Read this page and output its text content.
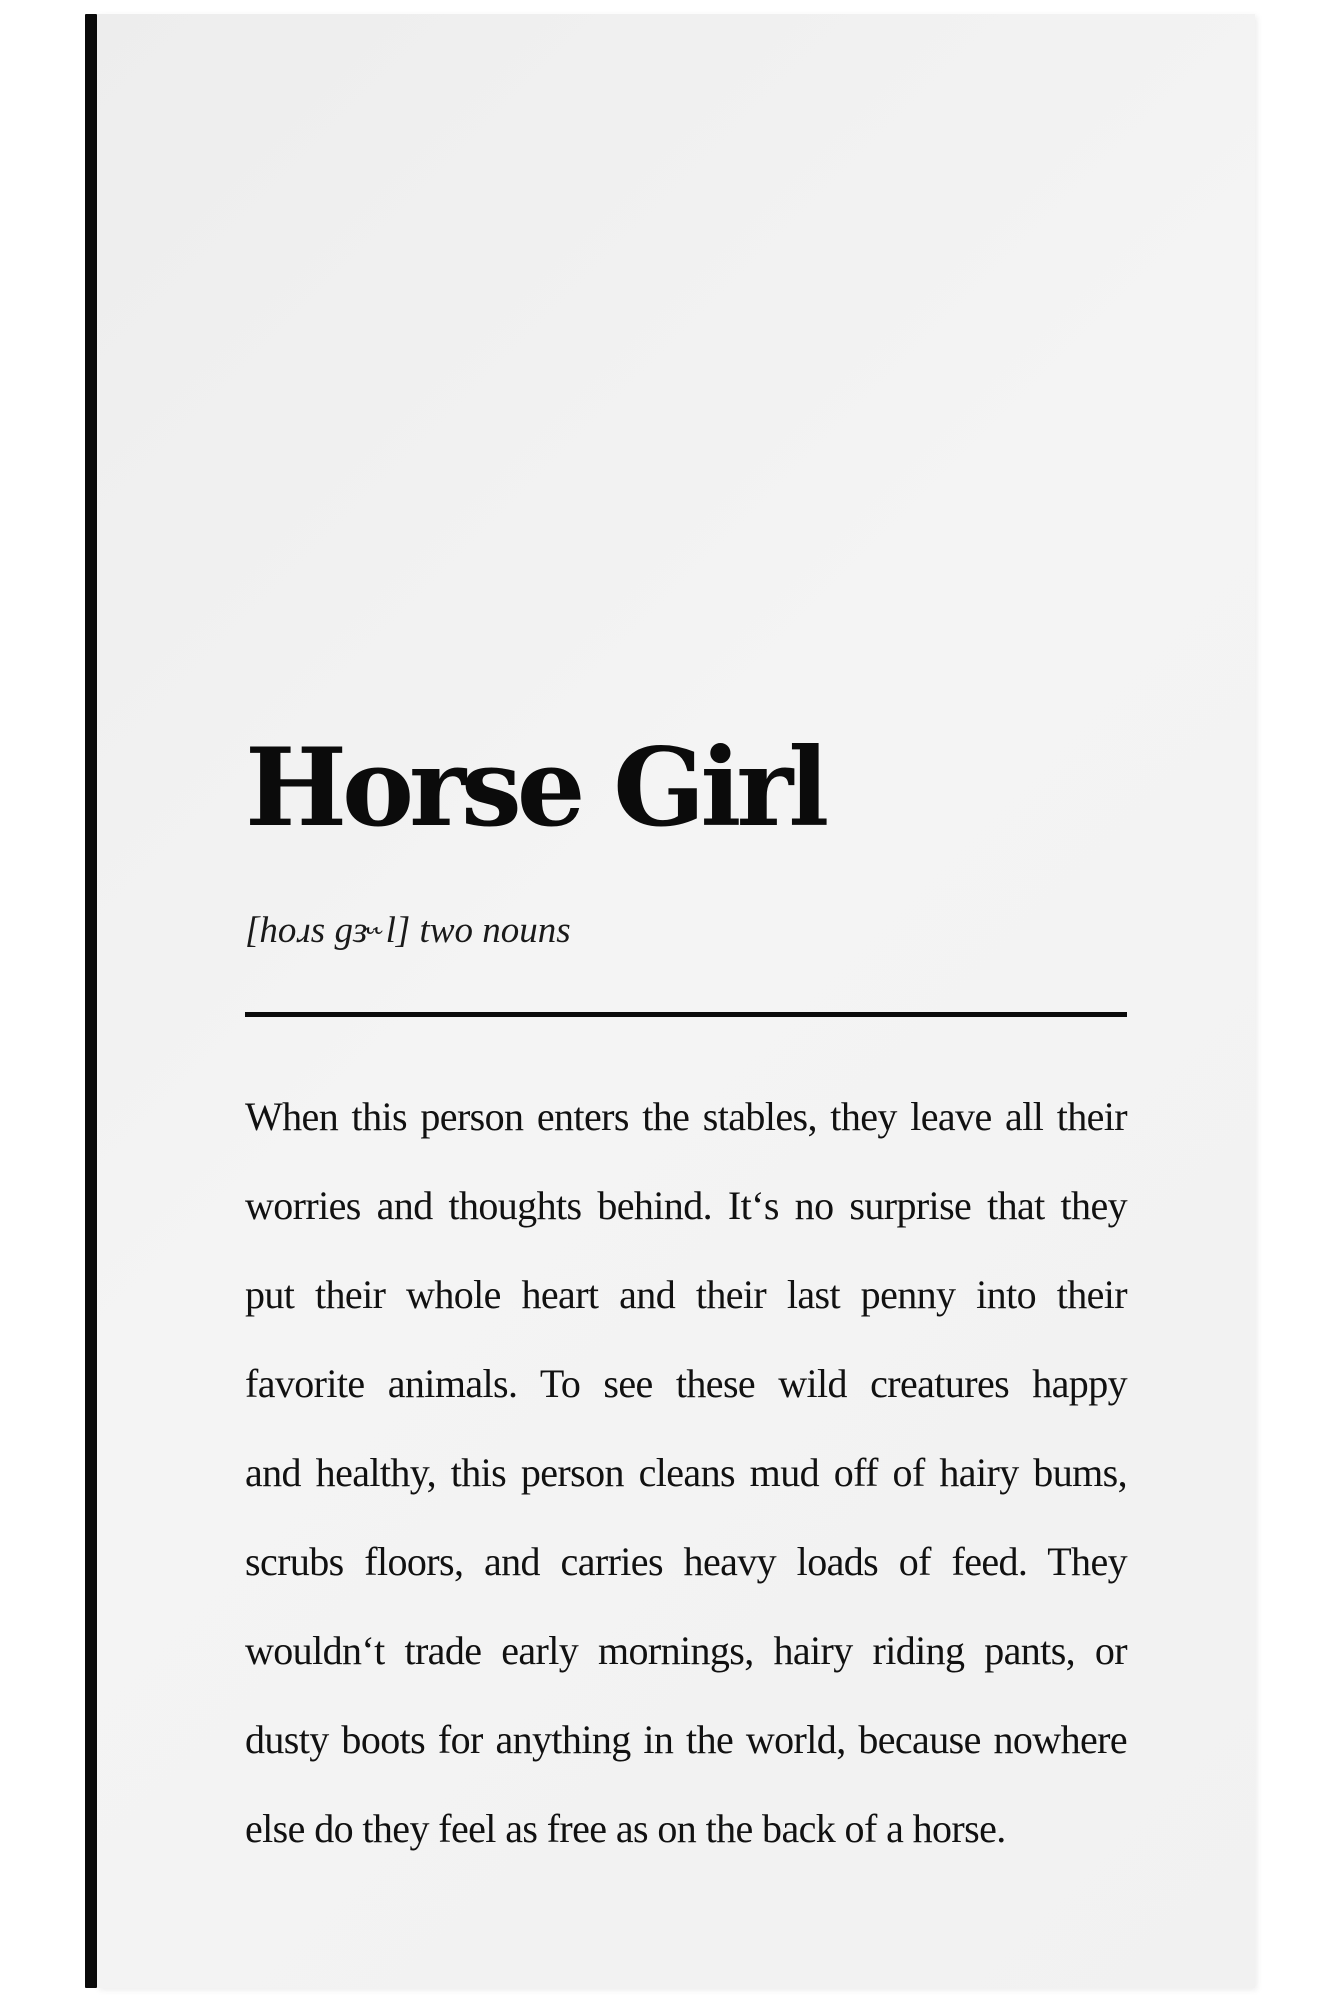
Horse Girl
[hoɹs gɝ˞l] two nouns

When this person enters the stables, they leave all their
worries and thoughts behind. It‘s no surprise that they
put their whole heart and their last penny into their
favorite animals. To see these wild creatures happy
and healthy, this person cleans mud off of hairy bums,
scrubs floors, and carries heavy loads of feed. They
wouldn‘t trade early mornings, hairy riding pants, or
dusty boots for anything in the world, because nowhere
else do they feel as free as on the back of a horse.
